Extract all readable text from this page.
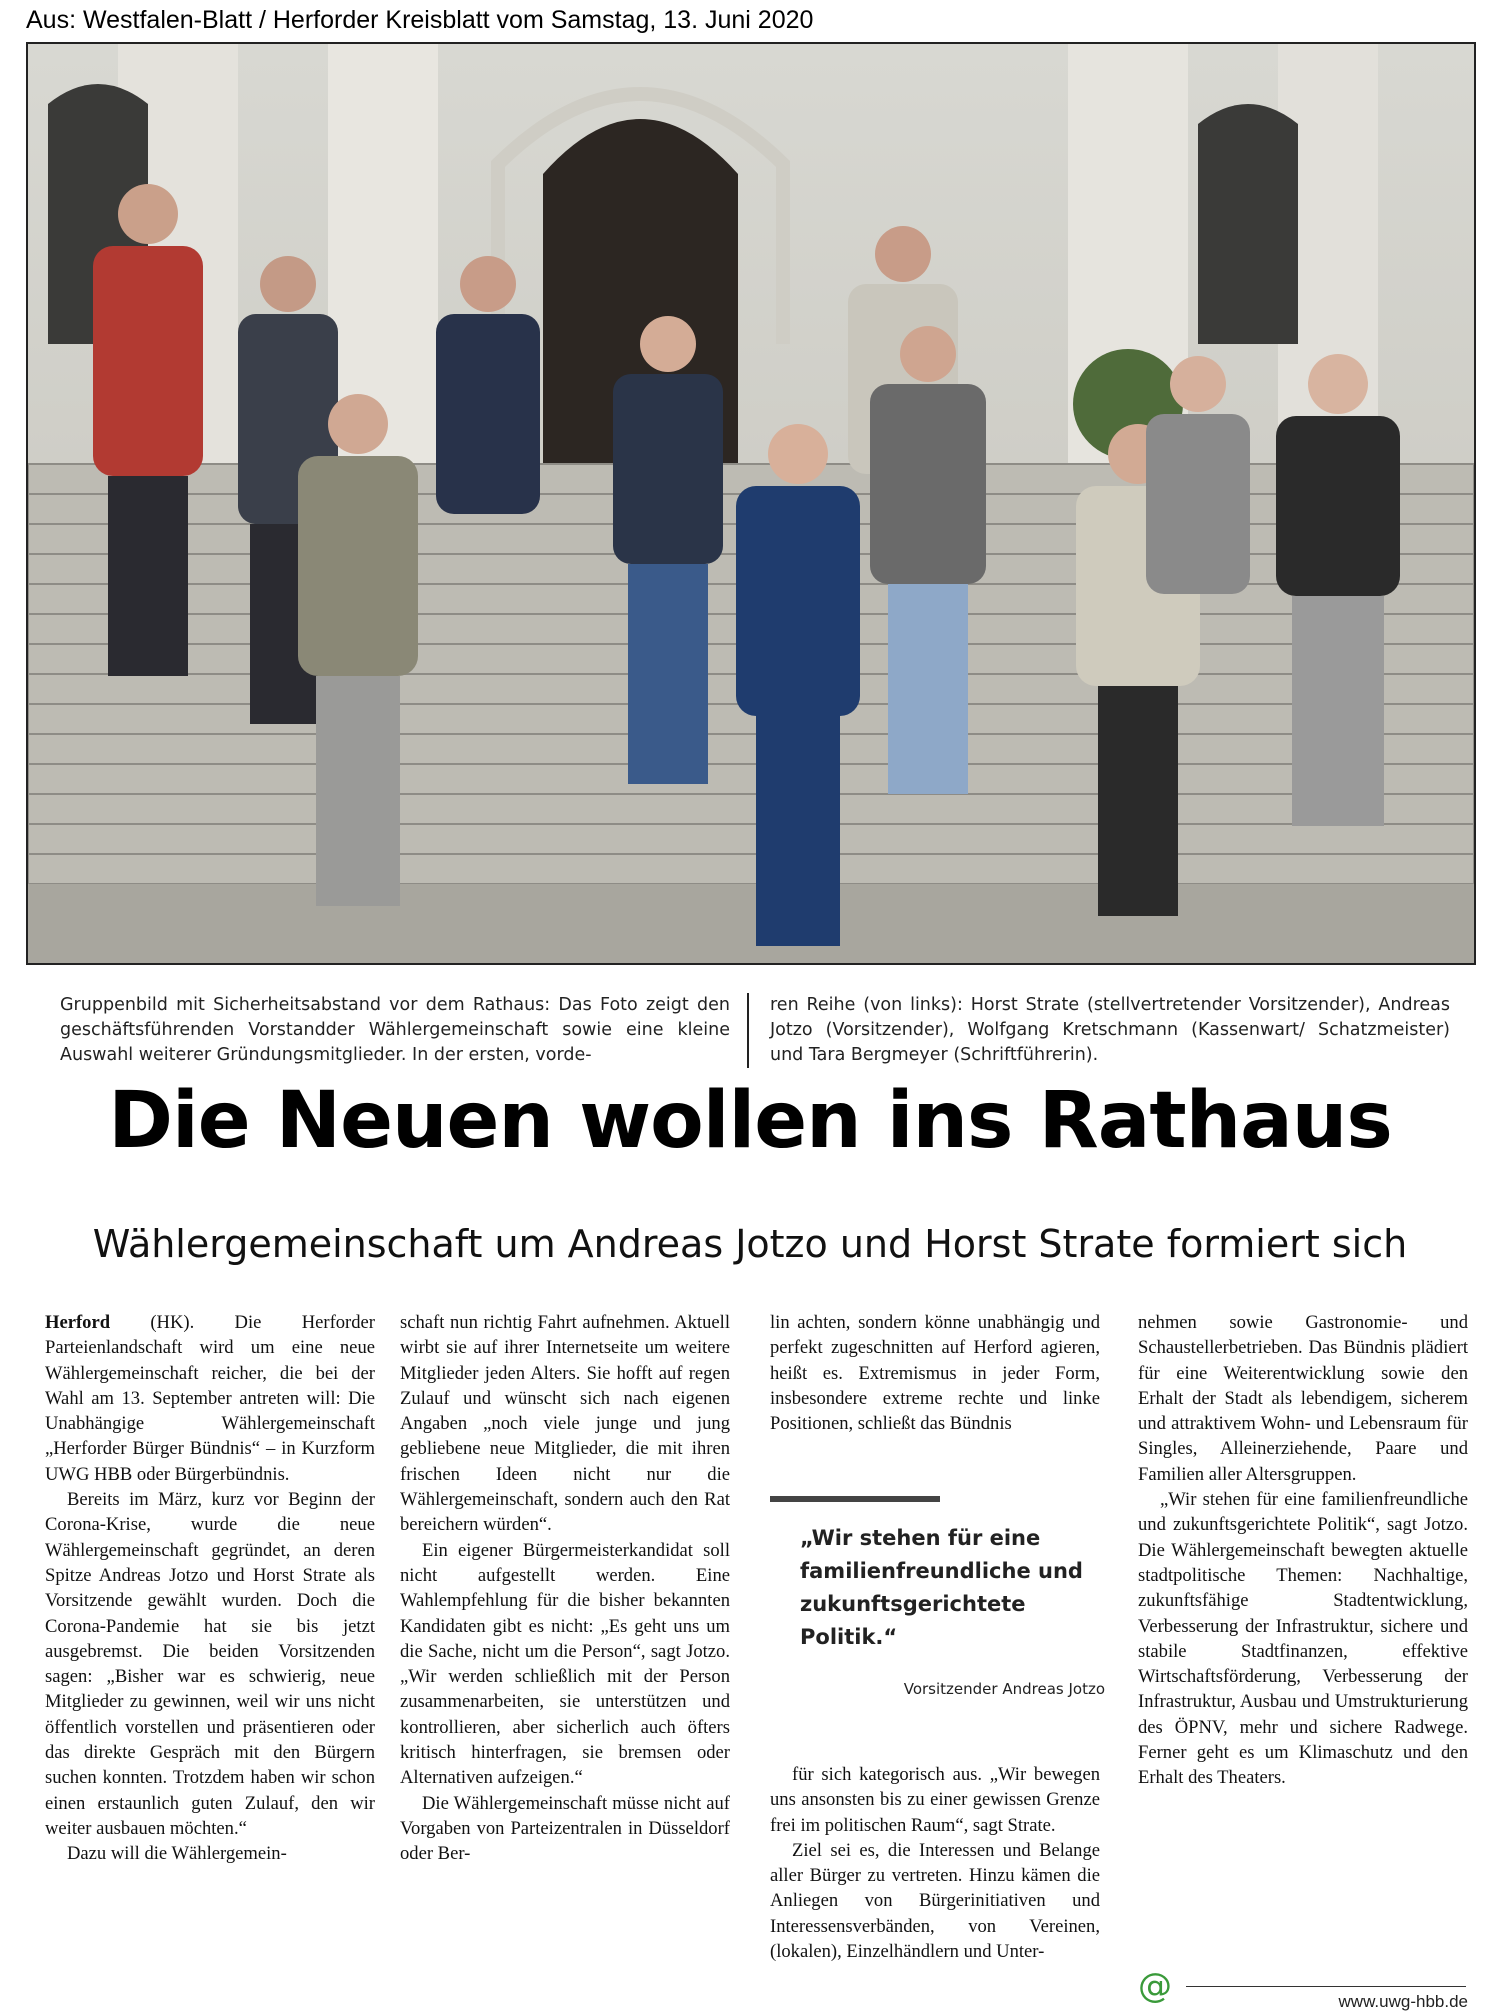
Aus: Westfalen-Blatt / Herforder Kreisblatt vom Samstag, 13. Juni 2020
Gruppenbild mit Sicherheitsabstand vor dem Rathaus: Das Foto zeigt den geschäftsführenden Vorstandder Wählergemeinschaft sowie eine kleine Auswahl weiterer Gründungsmitglieder. In der ersten, vorde-
ren Reihe (von links): Horst Strate (stellvertretender Vorsitzender), Andreas Jotzo (Vorsitzender), Wolfgang Kretschmann (Kassenwart/ Schatzmeister) und Tara Bergmeyer (Schriftführerin).
Die Neuen wollen ins Rathaus
Wählergemeinschaft um Andreas Jotzo und Horst Strate formiert sich

Herford (HK). Die Herforder Parteienlandschaft wird um eine neue Wählergemeinschaft reicher, die bei der Wahl am 13. September antreten will: Die Unabhängige Wählergemeinschaft „Herforder Bürger Bündnis“ – in Kurzform UWG HBB oder Bürgerbündnis.

Bereits im März, kurz vor Beginn der Corona-Krise, wurde die neue Wählergemeinschaft gegründet, an deren Spitze Andreas Jotzo und Horst Strate als Vorsitzende gewählt wurden. Doch die Corona-Pandemie hat sie bis jetzt ausgebremst. Die beiden Vorsitzenden sagen: „Bisher war es schwierig, neue Mitglieder zu gewinnen, weil wir uns nicht öffentlich vorstellen und präsentieren oder das direkte Gespräch mit den Bürgern suchen konnten. Trotzdem haben wir schon einen erstaunlich guten Zulauf, den wir weiter ausbauen möchten.“

Dazu will die Wählergemein-

schaft nun richtig Fahrt aufnehmen. Aktuell wirbt sie auf ihrer Internetseite um weitere Mitglieder jeden Alters. Sie hofft auf regen Zulauf und wünscht sich nach eigenen Angaben „noch viele junge und jung gebliebene neue Mitglieder, die mit ihren frischen Ideen nicht nur die Wählergemeinschaft, sondern auch den Rat bereichern würden“.

Ein eigener Bürgermeisterkandidat soll nicht aufgestellt werden. Eine Wahlempfehlung für die bisher bekannten Kandidaten gibt es nicht: „Es geht uns um die Sache, nicht um die Person“, sagt Jotzo. „Wir werden schließlich mit der Person zusammenarbeiten, sie unterstützen und kontrollieren, aber sicherlich auch öfters kritisch hinterfragen, sie bremsen oder Alternativen aufzeigen.“

Die Wählergemeinschaft müsse nicht auf Vorgaben von Parteizentralen in Düsseldorf oder Ber-

lin achten, sondern könne unabhängig und perfekt zugeschnitten auf Herford agieren, heißt es. Extremismus in jeder Form, insbesondere extreme rechte und linke Positionen, schließt das Bündnis

„Wir stehen für eine familienfreundliche und zukunftsgerichtete Politik.“
Vorsitzender Andreas Jotzo

für sich kategorisch aus. „Wir bewegen uns ansonsten bis zu einer gewissen Grenze frei im politischen Raum“, sagt Strate.

Ziel sei es, die Interessen und Belange aller Bürger zu vertreten. Hinzu kämen die Anliegen von Bürgerinitiativen und Interessensverbänden, von Vereinen, (lokalen), Einzelhändlern und Unter-

nehmen sowie Gastronomie- und Schaustellerbetrieben. Das Bündnis plädiert für eine Weiterentwicklung sowie den Erhalt der Stadt als lebendigem, sicherem und attraktivem Wohn- und Lebensraum für Singles, Alleinerziehende, Paare und Familien aller Altersgruppen.

„Wir stehen für eine familienfreundliche und zukunftsgerichtete Politik“, sagt Jotzo. Die Wählergemeinschaft bewegten aktuelle stadtpolitische Themen: Nachhaltige, zukunftsfähige Stadtentwicklung, Verbesserung der Infrastruktur, sichere und stabile Stadtfinanzen, effektive Wirtschaftsförderung, Verbesserung der Infrastruktur, Ausbau und Umstrukturierung des ÖPNV, mehr und sichere Radwege. Ferner geht es um Klimaschutz und den Erhalt des Theaters.

@	www.uwg-hbb.de
